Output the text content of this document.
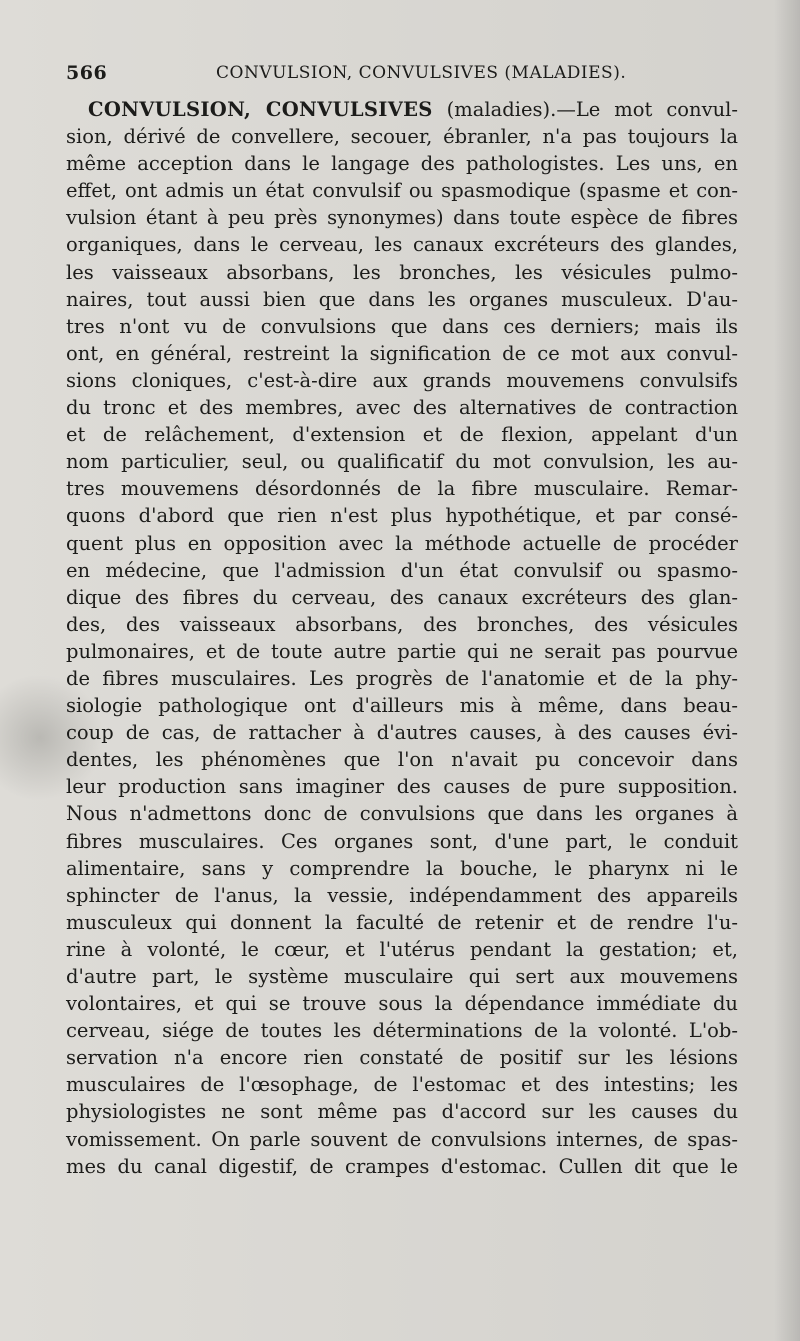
566	CONVULSION, CONVULSIVES (MALADIES).
CONVULSION, CONVULSIVES (maladies).—Le mot convul-
sion, dérivé de convellere, secouer, ébranler, n'a pas toujours la
même acception dans le langage des pathologistes. Les uns, en
effet, ont admis un état convulsif ou spasmodique (spasme et con-
vulsion étant à peu près synonymes) dans toute espèce de fibres
organiques, dans le cerveau, les canaux excréteurs des glandes,
les vaisseaux absorbans, les bronches, les vésicules pulmo-
naires, tout aussi bien que dans les organes musculeux. D'au-
tres n'ont vu de convulsions que dans ces derniers; mais ils
ont, en général, restreint la signification de ce mot aux convul-
sions cloniques, c'est-à-dire aux grands mouvemens convulsifs
du tronc et des membres, avec des alternatives de contraction
et de relâchement, d'extension et de flexion, appelant d'un
nom particulier, seul, ou qualificatif du mot convulsion, les au-
tres mouvemens désordonnés de la fibre musculaire. Remar-
quons d'abord que rien n'est plus hypothétique, et par consé-
quent plus en opposition avec la méthode actuelle de procéder
en médecine, que l'admission d'un état convulsif ou spasmo-
dique des fibres du cerveau, des canaux excréteurs des glan-
des, des vaisseaux absorbans, des bronches, des vésicules
pulmonaires, et de toute autre partie qui ne serait pas pourvue
de fibres musculaires. Les progrès de l'anatomie et de la phy-
siologie pathologique ont d'ailleurs mis à même, dans beau-
coup de cas, de rattacher à d'autres causes, à des causes évi-
dentes, les phénomènes que l'on n'avait pu concevoir dans
leur production sans imaginer des causes de pure supposition.
Nous n'admettons donc de convulsions que dans les organes à
fibres musculaires. Ces organes sont, d'une part, le conduit
alimentaire, sans y comprendre la bouche, le pharynx ni le
sphincter de l'anus, la vessie, indépendamment des appareils
musculeux qui donnent la faculté de retenir et de rendre l'u-
rine à volonté, le cœur, et l'utérus pendant la gestation; et,
d'autre part, le système musculaire qui sert aux mouvemens
volontaires, et qui se trouve sous la dépendance immédiate du
cerveau, siége de toutes les déterminations de la volonté. L'ob-
servation n'a encore rien constaté de positif sur les lésions
musculaires de l'œsophage, de l'estomac et des intestins; les
physiologistes ne sont même pas d'accord sur les causes du
vomissement. On parle souvent de convulsions internes, de spas-
mes du canal digestif, de crampes d'estomac. Cullen dit que le
